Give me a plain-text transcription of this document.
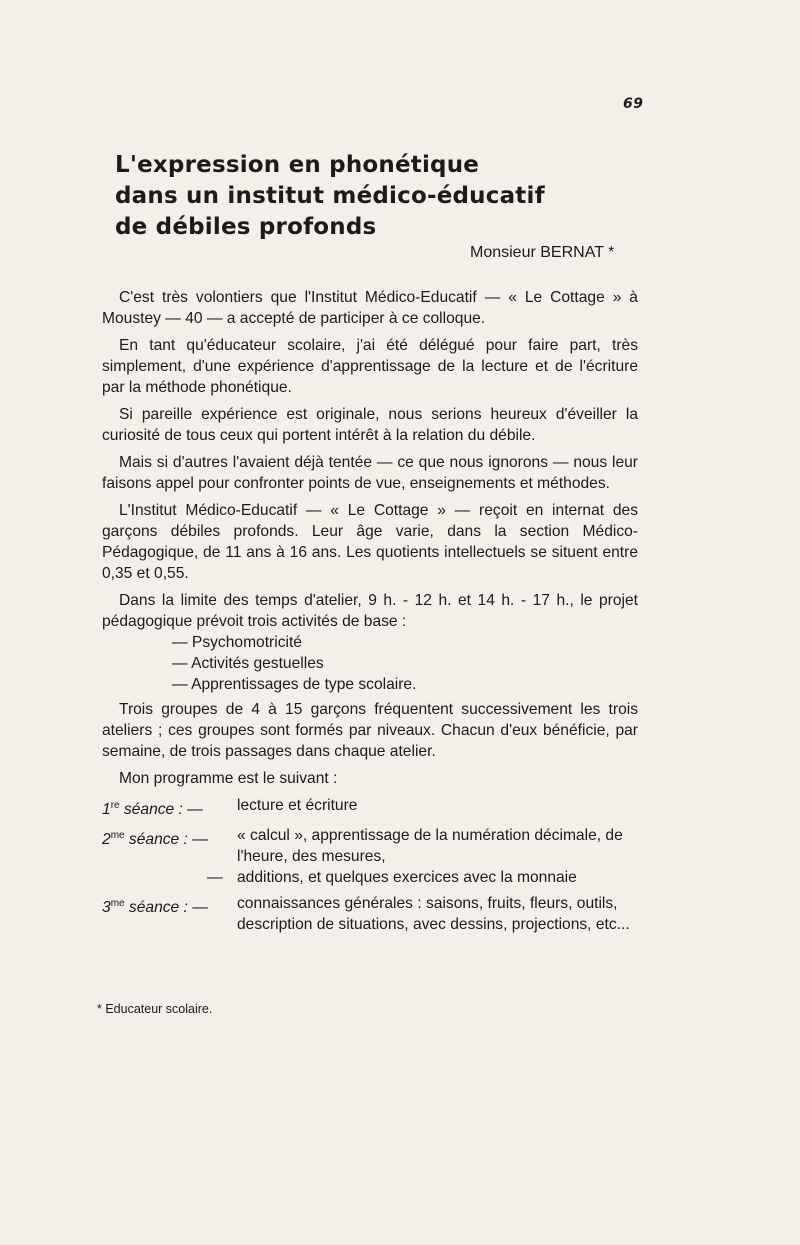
69
L'expression en phonétique
dans un institut médico-éducatif
de débiles profonds
Monsieur BERNAT *

C'est très volontiers que l'Institut Médico-Educatif — « Le Cottage » à Moustey — 40 — a accepté de participer à ce colloque.

En tant qu'éducateur scolaire, j'ai été délégué pour faire part, très simplement, d'une expérience d'apprentissage de la lecture et de l'écriture par la méthode phonétique.

Si pareille expérience est originale, nous serions heureux d'éveiller la curiosité de tous ceux qui portent intérêt à la relation du débile.

Mais si d'autres l'avaient déjà tentée — ce que nous ignorons — nous leur faisons appel pour confronter points de vue, enseignements et méthodes.

L'Institut Médico-Educatif — « Le Cottage » — reçoit en internat des garçons débiles profonds. Leur âge varie, dans la section Médico-Pédagogique, de 11 ans à 16 ans. Les quotients intellectuels se situent entre 0,35 et 0,55.

Dans la limite des temps d'atelier, 9 h. - 12 h. et 14 h. - 17 h., le projet pédagogique prévoit trois activités de base :

— Psychomotricité
— Activités gestuelles
— Apprentissages de type scolaire.

Trois groupes de 4 à 15 garçons fréquentent successivement les trois ateliers ; ces groupes sont formés par niveaux. Chacun d'eux bénéficie, par semaine, de trois passages dans chaque atelier.

Mon programme est le suivant :

1re séance : —	lecture et écriture
$2^{me}$ séance : —	« calcul », apprentissage de la numération décimale, de l'heure, des mesures,
— additions, et quelques exercices avec la monnaie
$3^{me}$ séance : —	connaissances générales : saisons, fruits, fleurs, outils, description de situations, avec dessins, projections, etc...
* Educateur scolaire.
